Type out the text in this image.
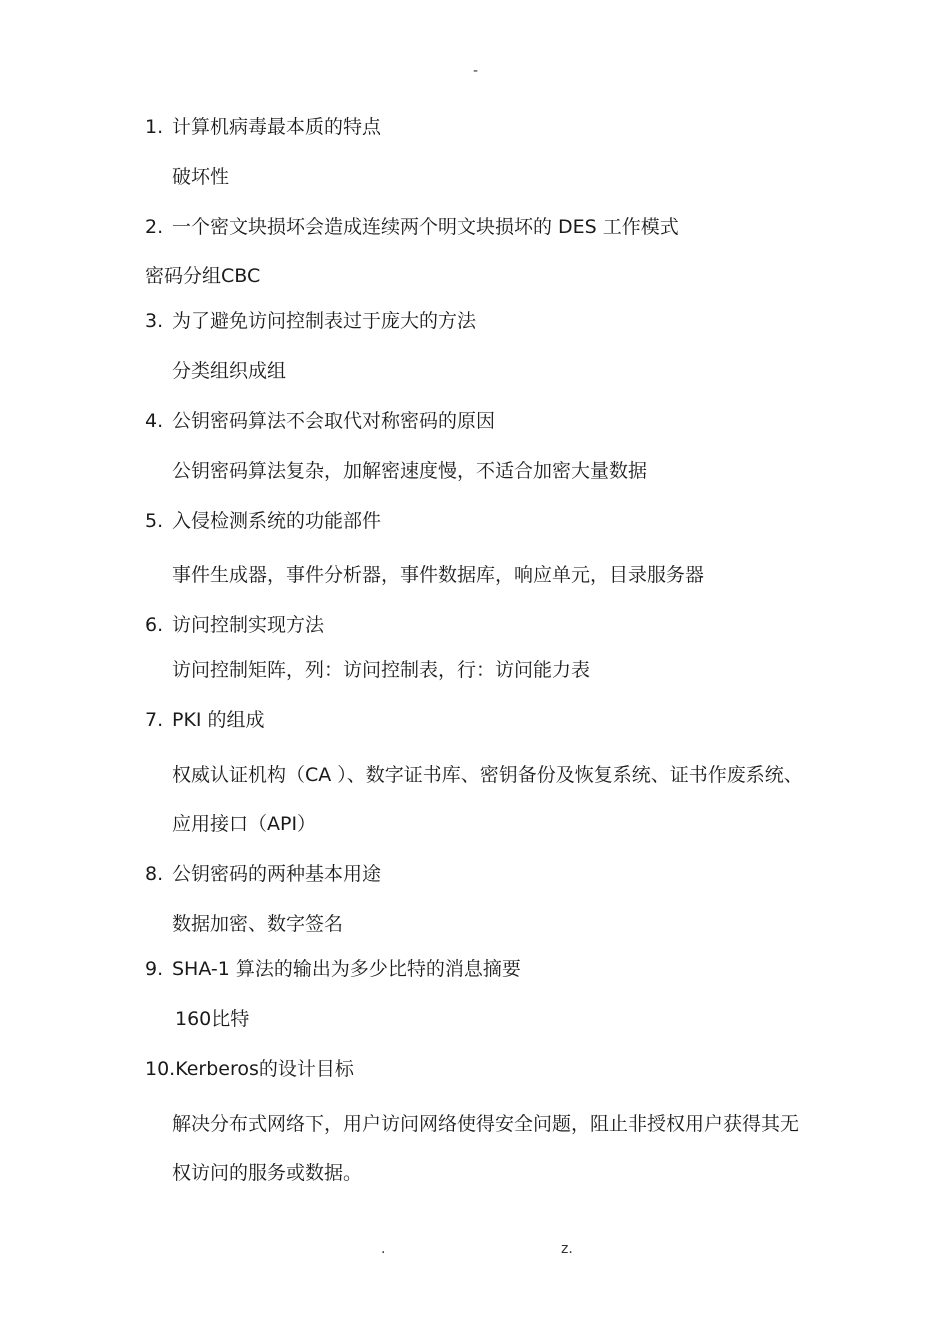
-
1. 计算机病毒最本质的特点
破坏性
2. 一个密文块损坏会造成连续两个明文块损坏的 DES 工作模式
密码分组CBC
3. 为了避免访问控制表过于庞大的方法
分类组织成组
4. 公钥密码算法不会取代对称密码的原因
公钥密码算法复杂，加解密速度慢，不适合加密大量数据
5. 入侵检测系统的功能部件
事件生成器，事件分析器，事件数据库，响应单元，目录服务器
6. 访问控制实现方法
访问控制矩阵，列：访问控制表，行：访问能力表
7. PKI 的组成
权威认证机构（CA ）、数字证书库、密钥备份及恢复系统、证书作废系统、
应用接口（API）
8. 公钥密码的两种基本用途
数据加密、数字签名
9. SHA-1 算法的输出为多少比特的消息摘要
160比特
10.Kerberos的设计目标
解决分布式网络下，用户访问网络使得安全问题，阻止非授权用户获得其无
权访问的服务或数据。
.	z.
